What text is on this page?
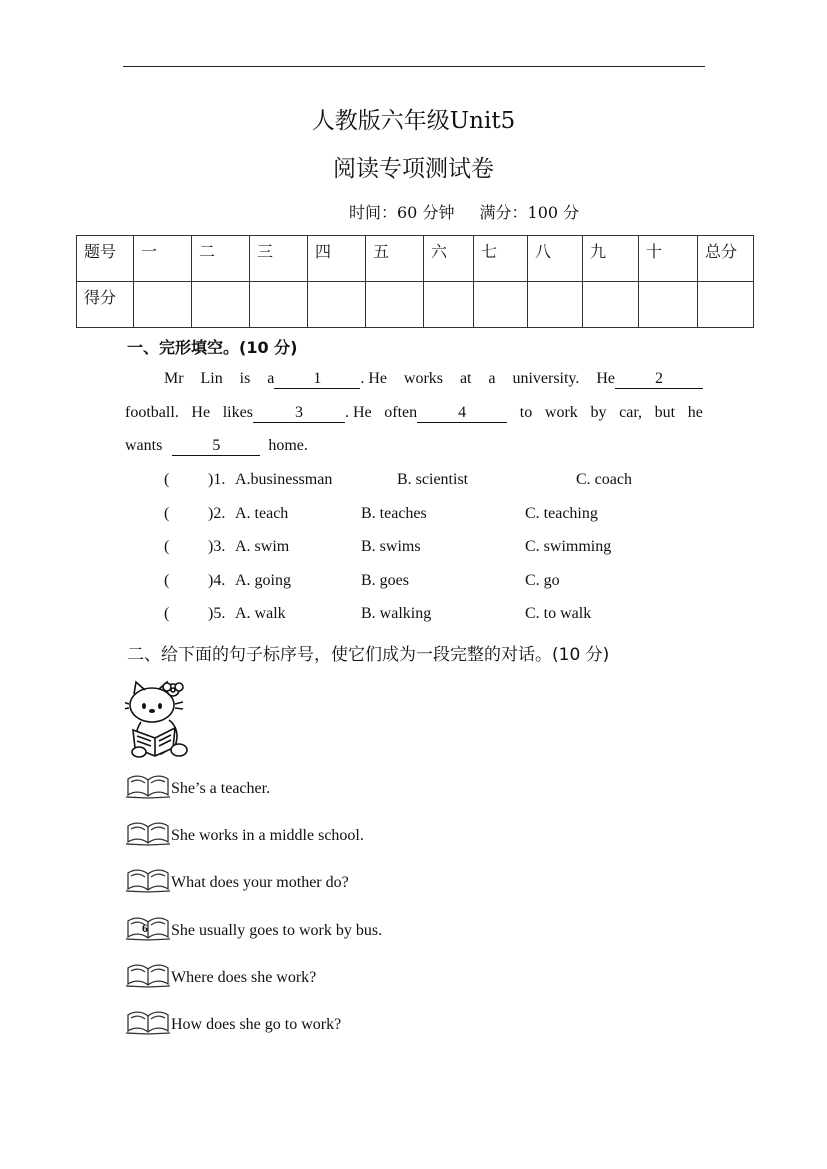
人教版六年级Unit5
阅读专项测试卷
时间：60 分钟 满分：100 分
题号	一	二	三	四	五	六	七	八	九	十	总分
得分											
一、完形填空。(10 分)
Mr Lin is a 1 . He works at a university. He	2
football. He likes	3	. He often	4	to work by car, but he
wants	5	home.
( )1. A.businessman	B. scientist	C. coach
( )2. A. teach	B. teaches	C. teaching
( )3. A. swim	B. swims	C. swimming
( )4. A. going	B. goes	C. go
( )5. A. walk	B. walking	C. to walk
二、给下面的句子标序号，使它们成为一段完整的对话。(10 分)
She’s a teacher.
She works in a middle school.
What does your mother do?
6 She usually goes to work by bus.
Where does she work?
How does she go to work?
